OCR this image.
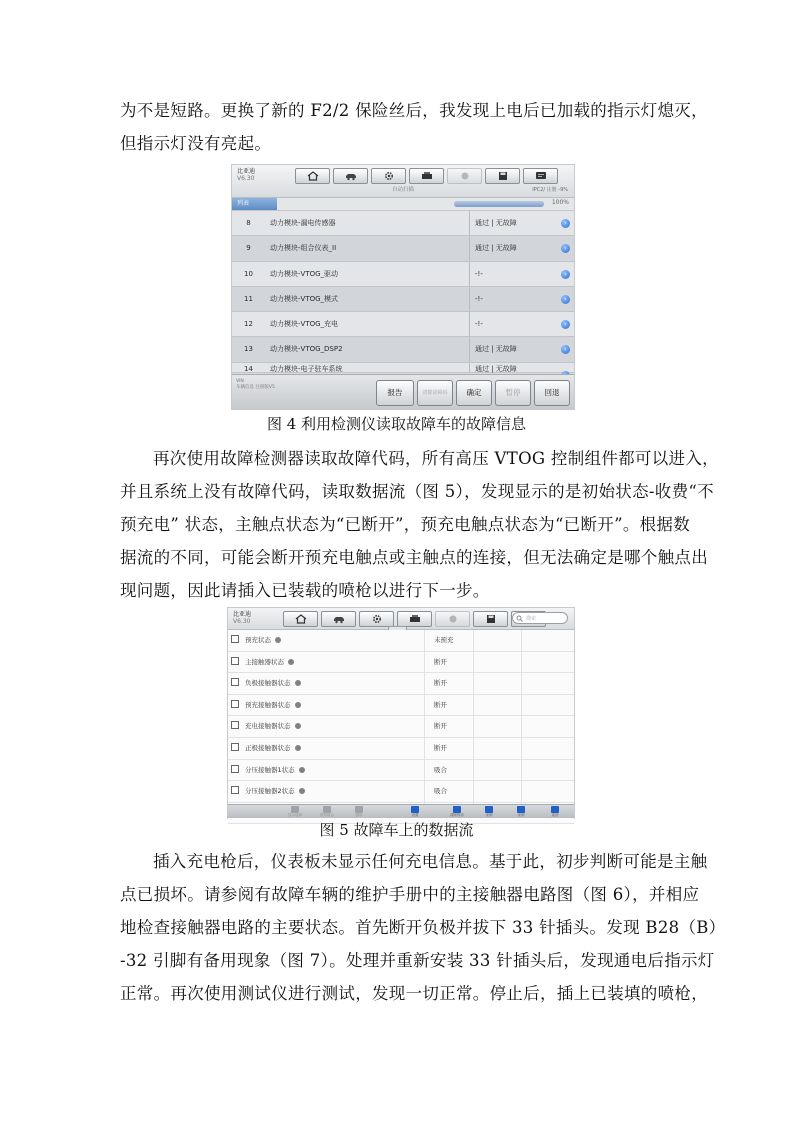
为不是短路。更换了新的 F2/2 保险丝后，我发现上电后已加载的指示灯熄灭，
但指示灯没有亮起。
比亚迪
V6.30
自动扫描	IPC2/ 注册 -9%
列表	100%
8	动力模块-漏电传感器	通过 | 无故障	›
9	动力模块-组合仪表_II	通过 | 无故障	›
10	动力模块-VTOG_驱动	-!-	›
11	动力模块-VTOG_模式	-!-	›
12	动力模块-VTOG_充电	-!-	›
13	动力模块-VTOG_DSP2	通过 | 无故障	›
14	动力模块-电子驻车系统	通过 | 无故障
VIN
车辆信息 注册版V5
报告	清除故障码	确定	暂停	回退
图 4 利用检测仪读取故障车的故障信息
再次使用故障检测器读取故障代码，所有高压 VTOG 控制组件都可以进入，
并且系统上没有故障代码，读取数据流（图 5），发现显示的是初始状态-收费“不
预充电” 状态，主触点状态为“已断开”，预充电触点状态为“已断开”。根据数
据流的不同，可能会断开预充电触点或主触点的连接，但无法确定是哪个触点出
现问题，因此请插入已装载的喷枪以进行下一步。
比亚迪
V6.30	搜索
预充状态	未预充
主接触器状态	断开
负极接触器状态	断开
预充接触器状态	断开
充电接触器状态	断开
正极接触器状态	断开
分压接触器1状态	吸合
分压接触器2状态	吸合
显示选择	波形组合	图形	设置	清除保存	录制	录制	返回
图 5 故障车上的数据流
插入充电枪后，仪表板未显示任何充电信息。基于此，初步判断可能是主触
点已损坏。请参阅有故障车辆的维护手册中的主接触器电路图（图 6），并相应
地检查接触器电路的主要状态。首先断开负极并拔下 33 针插头。发现 B28（B）
-32 引脚有备用现象（图 7）。处理并重新安装 33 针插头后，发现通电后指示灯
正常。再次使用测试仪进行测试，发现一切正常。停止后，插上已装填的喷枪，
